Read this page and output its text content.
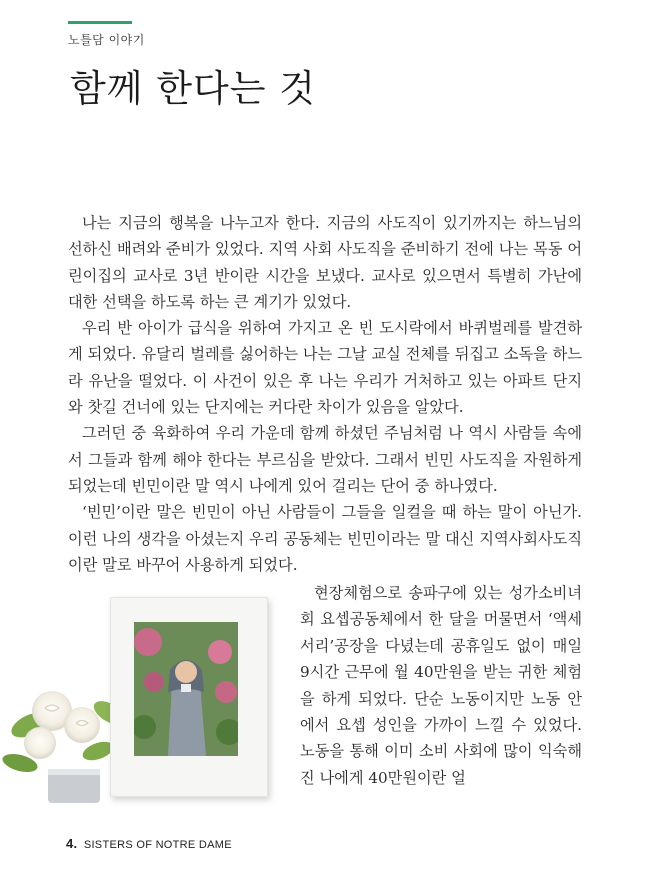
노틀담 이야기
함께 한다는 것

나는 지금의 행복을 나누고자 한다. 지금의 사도직이 있기까지는 하느님의 선하신 배려와 준비가 있었다. 지역 사회 사도직을 준비하기 전에 나는 목동 어린이집의 교사로 3년 반이란 시간을 보냈다. 교사로 있으면서 특별히 가난에 대한 선택을 하도록 하는 큰 계기가 있었다.

우리 반 아이가 급식을 위하여 가지고 온 빈 도시락에서 바퀴벌레를 발견하게 되었다. 유달리 벌레를 싫어하는 나는 그날 교실 전체를 뒤집고 소독을 하느라 유난을 떨었다. 이 사건이 있은 후 나는 우리가 거처하고 있는 아파트 단지와 찻길 건너에 있는 단지에는 커다란 차이가 있음을 알았다.

그러던 중 육화하여 우리 가운데 함께 하셨던 주님처럼 나 역시 사람들 속에서 그들과 함께 해야 한다는 부르심을 받았다. 그래서 빈민 사도직을 자원하게 되었는데 빈민이란 말 역시 나에게 있어 걸리는 단어 중 하나였다.

‘빈민’이란 말은 빈민이 아닌 사람들이 그들을 일컬을 때 하는 말이 아닌가. 이런 나의 생각을 아셨는지 우리 공동체는 빈민이라는 말 대신 지역사회사도직이란 말로 바꾸어 사용하게 되었다.

현장체험으로 송파구에 있는 성가소비녀회 요셉공동체에서 한 달을 머물면서 ‘액세서리’공장을 다녔는데 공휴일도 없이 매일 9시간 근무에 월 40만원을 받는 귀한 체험을 하게 되었다. 단순 노동이지만 노동 안에서 요셉 성인을 가까이 느낄 수 있었다. 노동을 통해 이미 소비 사회에 많이 익숙해진 나에게 40만원이란 얼

4. SISTERS OF NOTRE DAME
